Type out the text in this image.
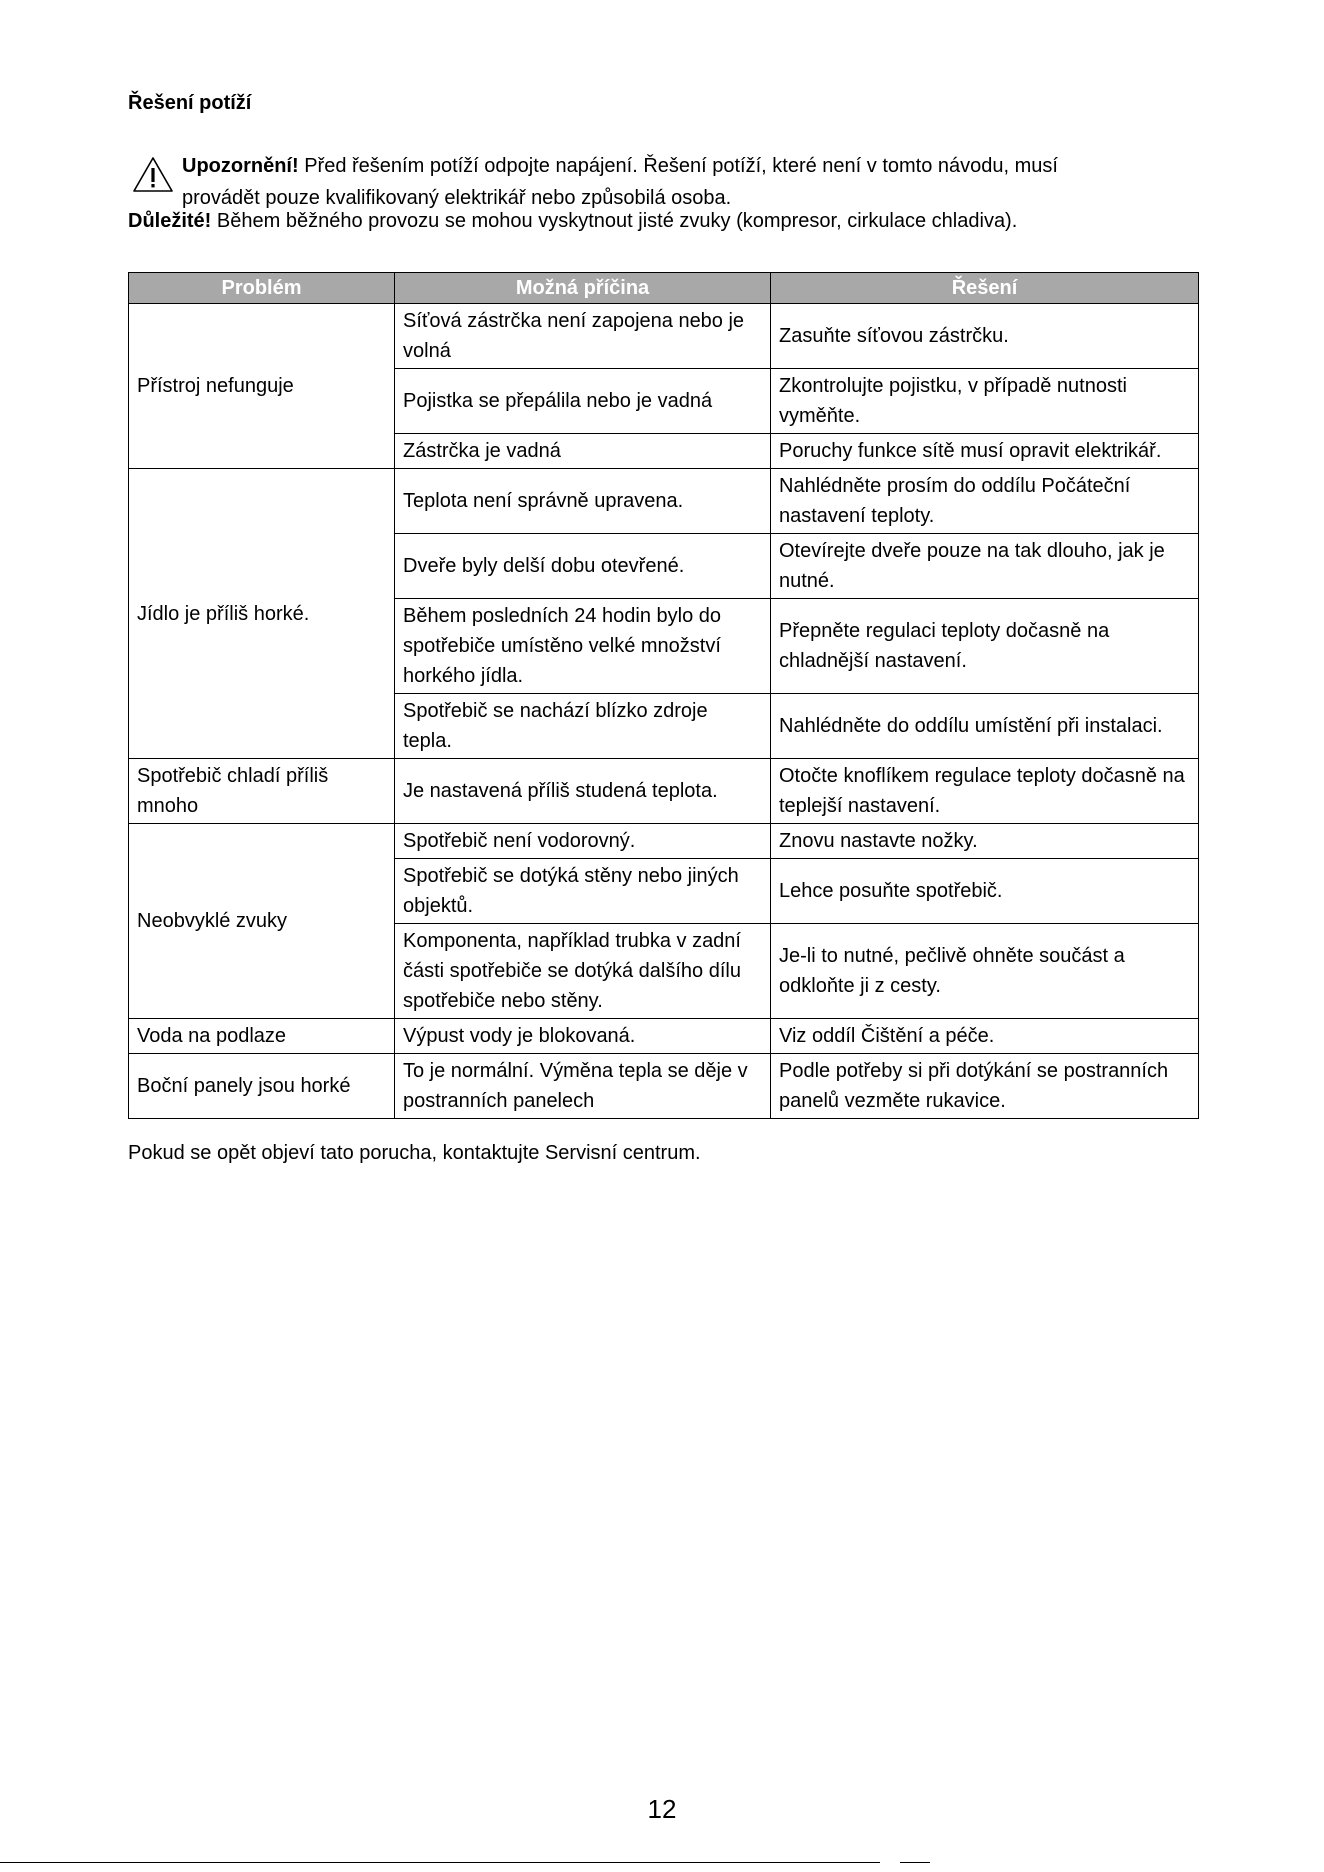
Řešení potíží
Upozornění! Před řešením potíží odpojte napájení. Řešení potíží, které není v tomto návodu, musí
provádět pouze kvalifikovaný elektrikář nebo způsobilá osoba.
Důležité! Během běžného provozu se mohou vyskytnout jisté zvuky (kompresor, cirkulace chladiva).
Problém	Možná příčina	Řešení
Přístroj nefunguje	Síťová zástrčka není zapojena nebo je volná	Zasuňte síťovou zástrčku.
	Pojistka se přepálila nebo je vadná	Zkontrolujte pojistku, v případě nutnosti vyměňte.
	Zástrčka je vadná	Poruchy funkce sítě musí opravit elektrikář.
Jídlo je příliš horké.	Teplota není správně upravena.	Nahlédněte prosím do oddílu Počáteční nastavení teploty.
	Dveře byly delší dobu otevřené.	Otevírejte dveře pouze na tak dlouho, jak je nutné.
	Během posledních 24 hodin bylo do spotřebiče umístěno velké množství horkého jídla.	Přepněte regulaci teploty dočasně na chladnější nastavení.
	Spotřebič se nachází blízko zdroje tepla.	Nahlédněte do oddílu umístění při instalaci.
Spotřebič chladí příliš mnoho	Je nastavená příliš studená teplota.	Otočte knoflíkem regulace teploty dočasně na teplejší nastavení.
Neobvyklé zvuky	Spotřebič není vodorovný.	Znovu nastavte nožky.
	Spotřebič se dotýká stěny nebo jiných objektů.	Lehce posuňte spotřebič.
	Komponenta, například trubka v zadní části spotřebiče se dotýká dalšího dílu spotřebiče nebo stěny.	Je-li to nutné, pečlivě ohněte součást a odkloňte ji z cesty.
Voda na podlaze	Výpust vody je blokovaná.	Viz oddíl Čištění a péče.
Boční panely jsou horké	To je normální. Výměna tepla se děje v postranních panelech	Podle potřeby si při dotýkání se postranních panelů vezměte rukavice.
Pokud se opět objeví tato porucha, kontaktujte Servisní centrum.
12
